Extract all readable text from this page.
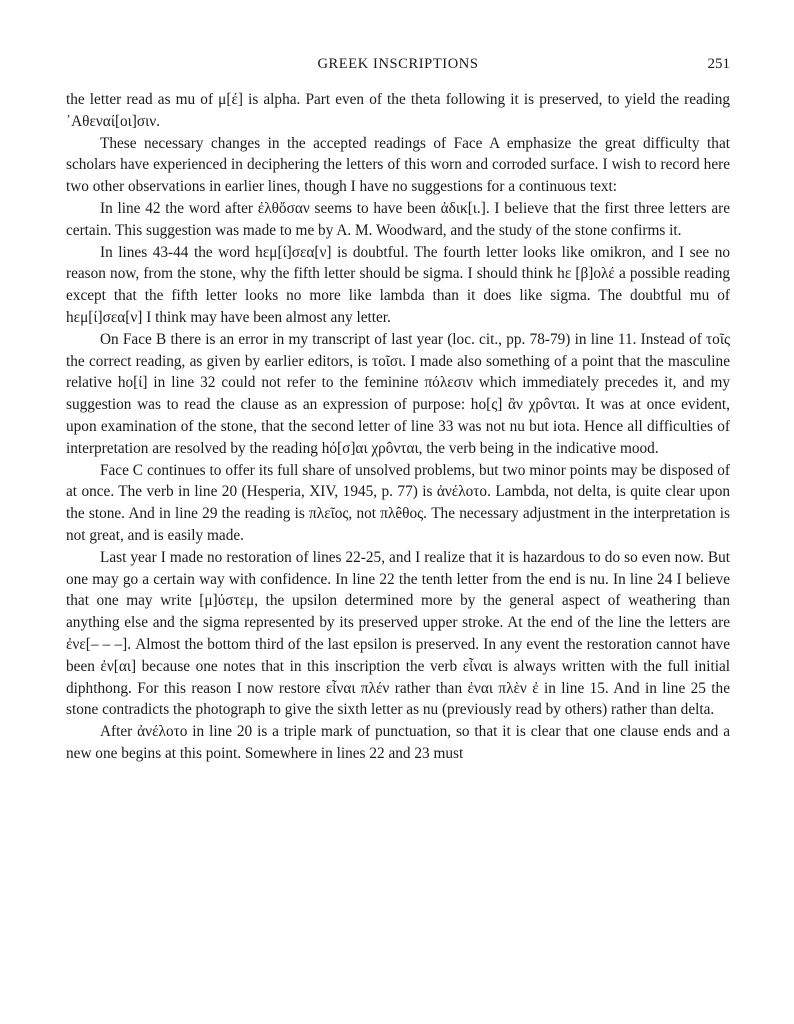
GREEK INSCRIPTIONS	251

the letter read as mu of μ[έ] is alpha. Part even of the theta following it is preserved, to yield the reading ᾿Αθεναί[οι]σιν.

These necessary changes in the accepted readings of Face A emphasize the great difficulty that scholars have experienced in deciphering the letters of this worn and corroded surface. I wish to record here two other observations in earlier lines, though I have no suggestions for a continuous text:

In line 42 the word after ἐλθὄσαν seems to have been ἀδικ[ι.]. I believe that the first three letters are certain. This suggestion was made to me by A. M. Woodward, and the study of the stone confirms it.

In lines 43-44 the word hεμ[ί]σεα[ν] is doubtful. The fourth letter looks like omikron, and I see no reason now, from the stone, why the fifth letter should be sigma. I should think hε [β]ολέ a possible reading except that the fifth letter looks no more like lambda than it does like sigma. The doubtful mu of hεμ[ί]σεα[ν] I think may have been almost any letter.

On Face B there is an error in my transcript of last year (loc. cit., pp. 78-79) in line 11. Instead of τοῖς the correct reading, as given by earlier editors, is τοῖσι. I made also something of a point that the masculine relative hο[ί] in line 32 could not refer to the feminine πόλεσιν which immediately precedes it, and my suggestion was to read the clause as an expression of purpose: hο[ς] ἂν χρôνται. It was at once evident, upon examination of the stone, that the second letter of line 33 was not nu but iota. Hence all difficulties of interpretation are resolved by the reading hό[σ]αι χρôνται, the verb being in the indicative mood.

Face C continues to offer its full share of unsolved problems, but two minor points may be disposed of at once. The verb in line 20 (Hesperia, XIV, 1945, p. 77) is ἀνέλοτο. Lambda, not delta, is quite clear upon the stone. And in line 29 the reading is πλεῖος, not πλêθος. The necessary adjustment in the interpretation is not great, and is easily made.

Last year I made no restoration of lines 22-25, and I realize that it is hazardous to do so even now. But one may go a certain way with confidence. In line 22 the tenth letter from the end is nu. In line 24 I believe that one may write [μ]ύστεμ, the upsilon determined more by the general aspect of weathering than anything else and the sigma represented by its preserved upper stroke. At the end of the line the letters are ἐνε[– – –]. Almost the bottom third of the last epsilon is preserved. In any event the restoration cannot have been ἐν[αι] because one notes that in this inscription the verb εἶναι is always written with the full initial diphthong. For this reason I now restore εἶναι πλέν rather than ἐναι πλὲν ἐ in line 15. And in line 25 the stone contradicts the photograph to give the sixth letter as nu (previously read by others) rather than delta.

After ἀνέλοτο in line 20 is a triple mark of punctuation, so that it is clear that one clause ends and a new one begins at this point. Somewhere in lines 22 and 23 must
